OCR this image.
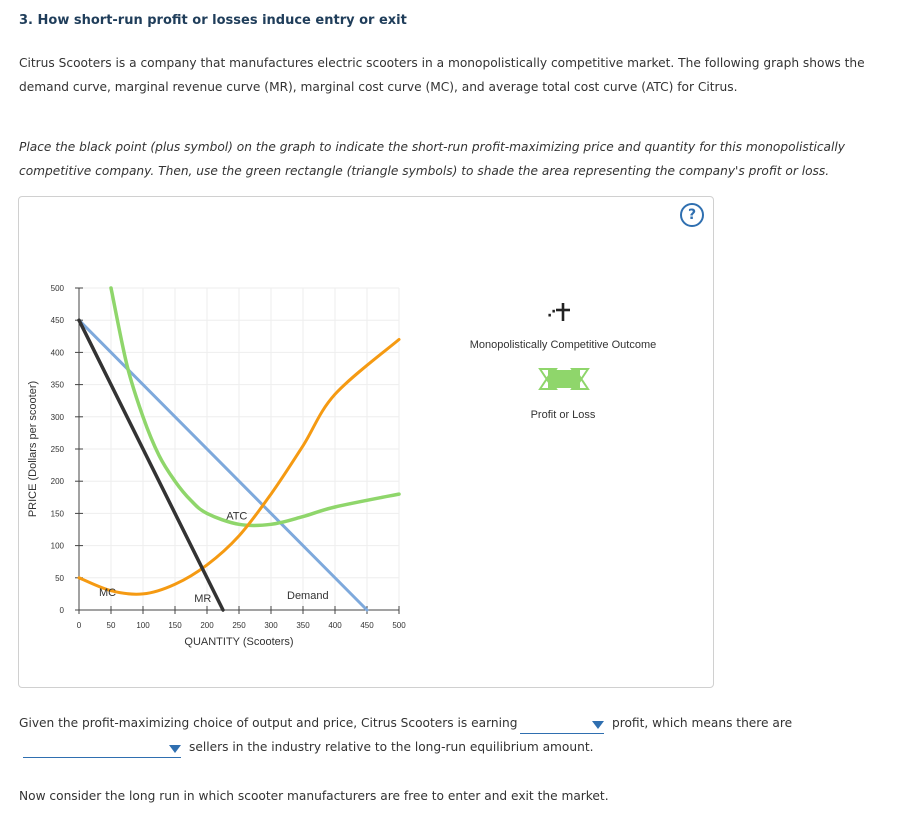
3. How short-run profit or losses induce entry or exit
Citrus Scooters is a company that manufactures electric scooters in a monopolistically competitive market. The following graph shows the demand curve, marginal revenue curve (MR), marginal cost curve (MC), and average total cost curve (ATC) for Citrus.
Place the black point (plus symbol) on the graph to indicate the short-run profit-maximizing price and quantity for this monopolistically competitive company. Then, use the green rectangle (triangle symbols) to shade the area representing the company's profit or loss.
?
0
50
100
150
200
250
300
350
400
450
500
0	50	100 150 200 250 300 350 400 450 500
QUANTITY (Scooters)
PRICE (Dollars per scooter)
MC	MR
ATC
Demand
·
·
Monopolistically Competitive Outcome
Profit or Loss
Given the profit-maximizing choice of output and price, Citrus Scooters is earning	profit, which means there are
sellers in the industry relative to the long-run equilibrium amount.
Now consider the long run in which scooter manufacturers are free to enter and exit the market.
